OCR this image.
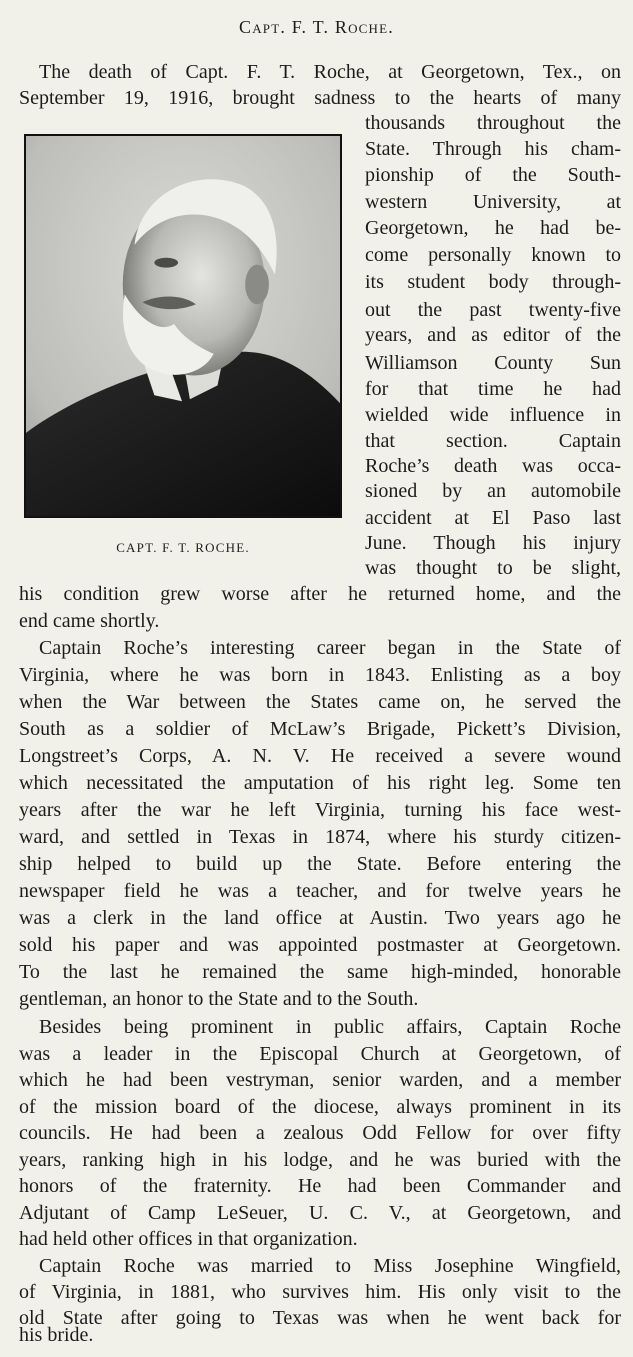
Capt. F. T. Roche.
CAPT. F. T. ROCHE.
The death of Capt. F. T. Roche, at Georgetown, Tex., on
September 19, 1916, brought sadness to the hearts of many
thousands throughout the
State. Through his cham-
pionship of the South-
western University, at
Georgetown, he had be-
come personally known to
its student body through-
out the past twenty-five
years, and as editor of the
Williamson County Sun
for that time he had
wielded wide influence in
that section. Captain
Roche’s death was occa-
sioned by an automobile
accident at El Paso last
June. Though his injury
was thought to be slight,
his condition grew worse after he returned home, and the
end came shortly.
Captain Roche’s interesting career began in the State of
Virginia, where he was born in 1843. Enlisting as a boy
when the War between the States came on, he served the
South as a soldier of McLaw’s Brigade, Pickett’s Division,
Longstreet’s Corps, A. N. V. He received a severe wound
which necessitated the amputation of his right leg. Some ten
years after the war he left Virginia, turning his face west-
ward, and settled in Texas in 1874, where his sturdy citizen-
ship helped to build up the State. Before entering the
newspaper field he was a teacher, and for twelve years he
was a clerk in the land office at Austin. Two years ago he
sold his paper and was appointed postmaster at Georgetown.
To the last he remained the same high-minded, honorable
gentleman, an honor to the State and to the South.
Besides being prominent in public affairs, Captain Roche
was a leader in the Episcopal Church at Georgetown, of
which he had been vestryman, senior warden, and a member
of the mission board of the diocese, always prominent in its
councils. He had been a zealous Odd Fellow for over fifty
years, ranking high in his lodge, and he was buried with the
honors of the fraternity. He had been Commander and
Adjutant of Camp LeSeuer, U. C. V., at Georgetown, and
had held other offices in that organization.
Captain Roche was married to Miss Josephine Wingfield,
of Virginia, in 1881, who survives him. His only visit to the
old State after going to Texas was when he went back for
his bride.
